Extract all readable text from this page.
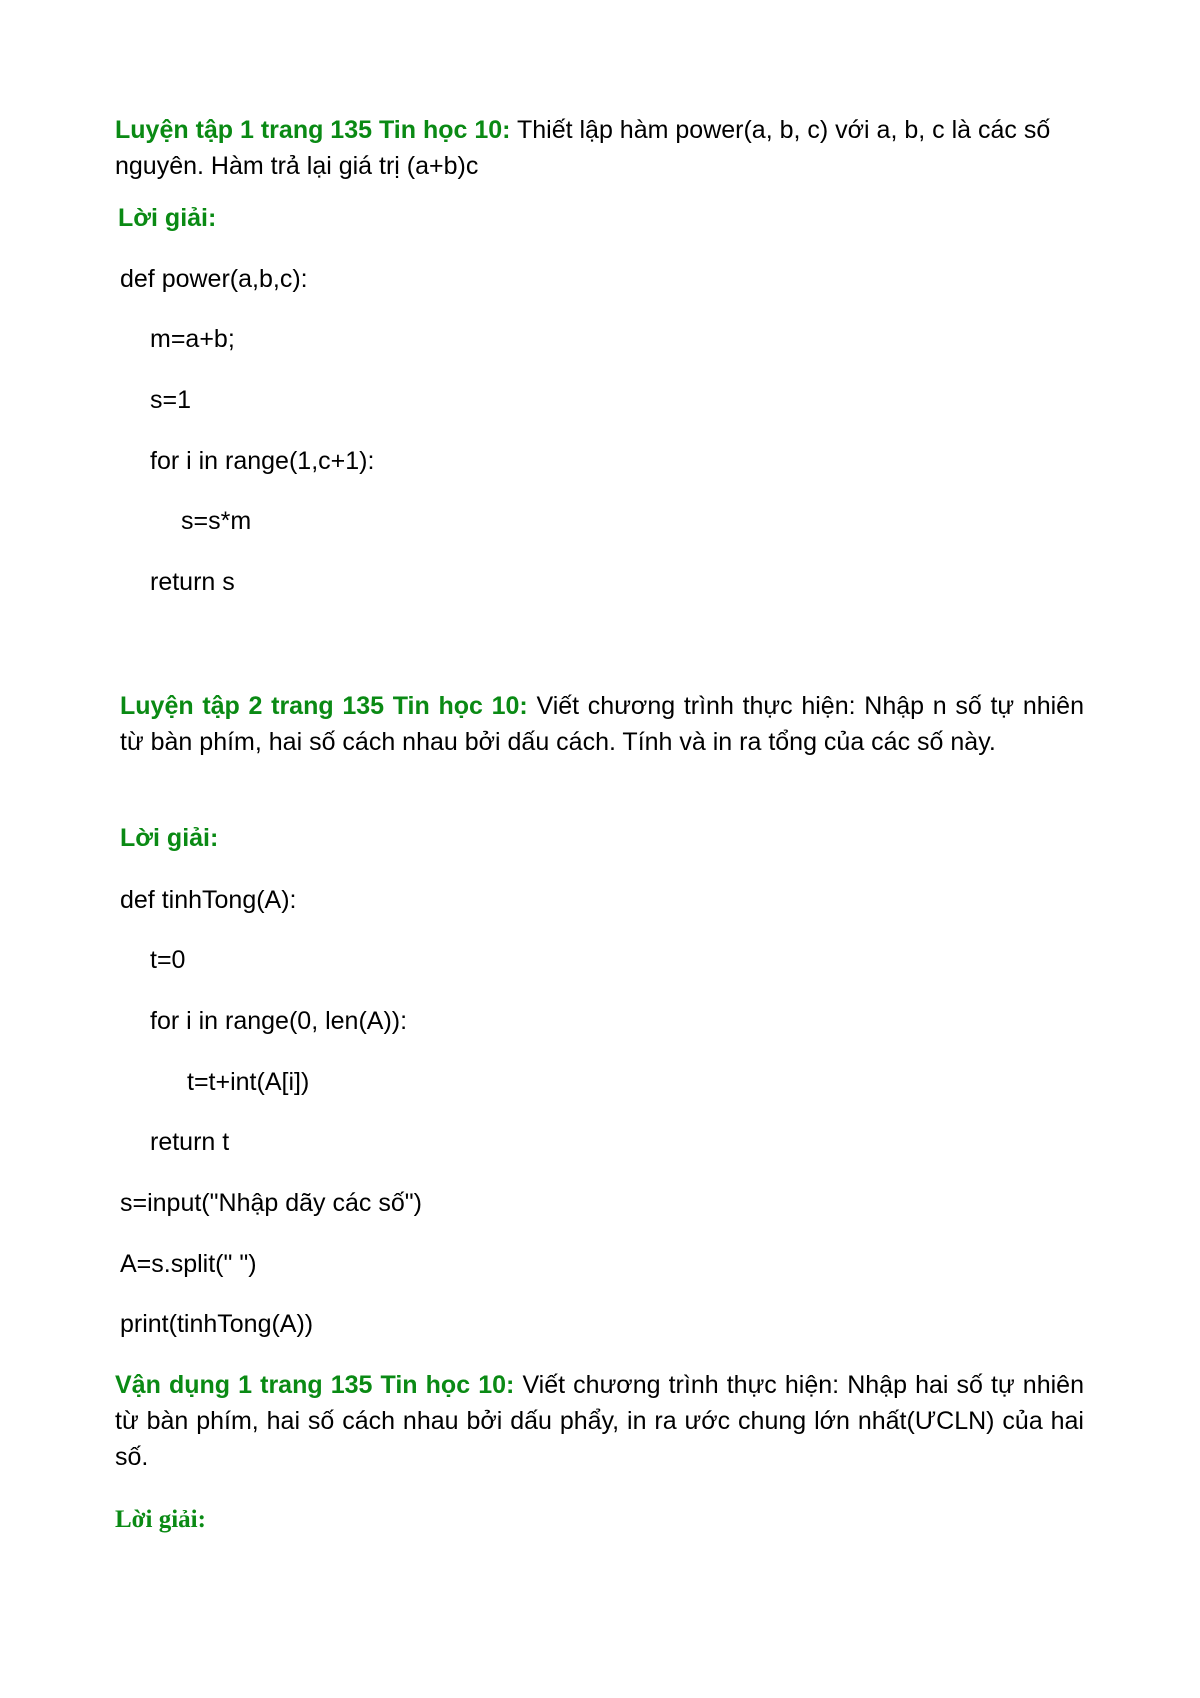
Luyện tập 1 trang 135 Tin học 10: Thiết lập hàm power(a, b, c) với a, b, c là các số nguyên. Hàm trả lại giá trị (a+b)c

Lời giải:
def power(a,b,c):
m=a+b;
s=1
for i in range(1,c+1):
s=s*m
return s

Luyện tập 2 trang 135 Tin học 10: Viết chương trình thực hiện: Nhập n số tự nhiên từ bàn phím, hai số cách nhau bởi dấu cách. Tính và in ra tổng của các số này.

Lời giải:
def tinhTong(A):
t=0
for i in range(0, len(A)):
t=t+int(A[i])
return t
s=input("Nhập dãy các số")
A=s.split(" ")
print(tinhTong(A))

Vận dụng 1 trang 135 Tin học 10: Viết chương trình thực hiện: Nhập hai số tự nhiên từ bàn phím, hai số cách nhau bởi dấu phẩy, in ra ước chung lớn nhất(ƯCLN) của hai số.

Lời giải:
